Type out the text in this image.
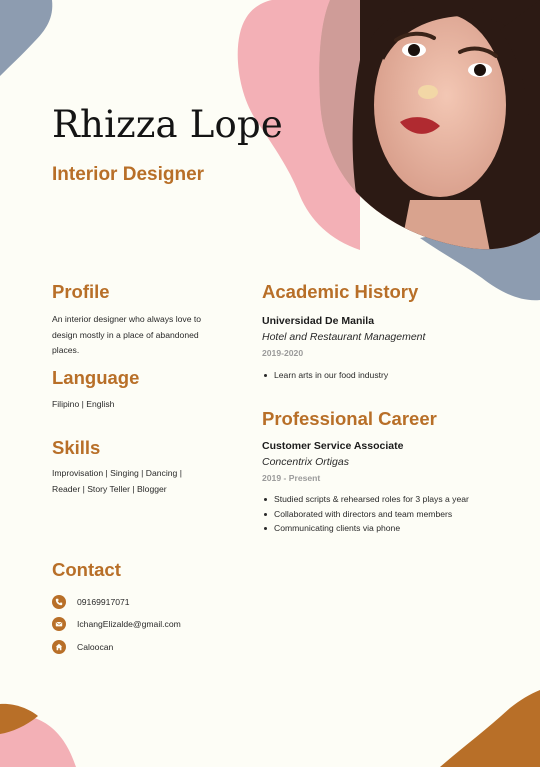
Rhizza Lope
Interior Designer
Profile
An interior designer who always love to
design mostly in a place of abandoned
places.
Language
Filipino | English
Skills
Improvisation | Singing | Dancing |
Reader | Story Teller | Blogger
Contact
09169917071
IchangElizalde@gmail.com
Caloocan
Academic History
Universidad De Manila
Hotel and Restaurant Management
2019-2020
Learn arts in our food industry
Professional Career
Customer Service Associate
Concentrix Ortigas
2019 - Present
Studied scripts & rehearsed roles for 3 plays a year
Collaborated with directors and team members
Communicating clients via phone
